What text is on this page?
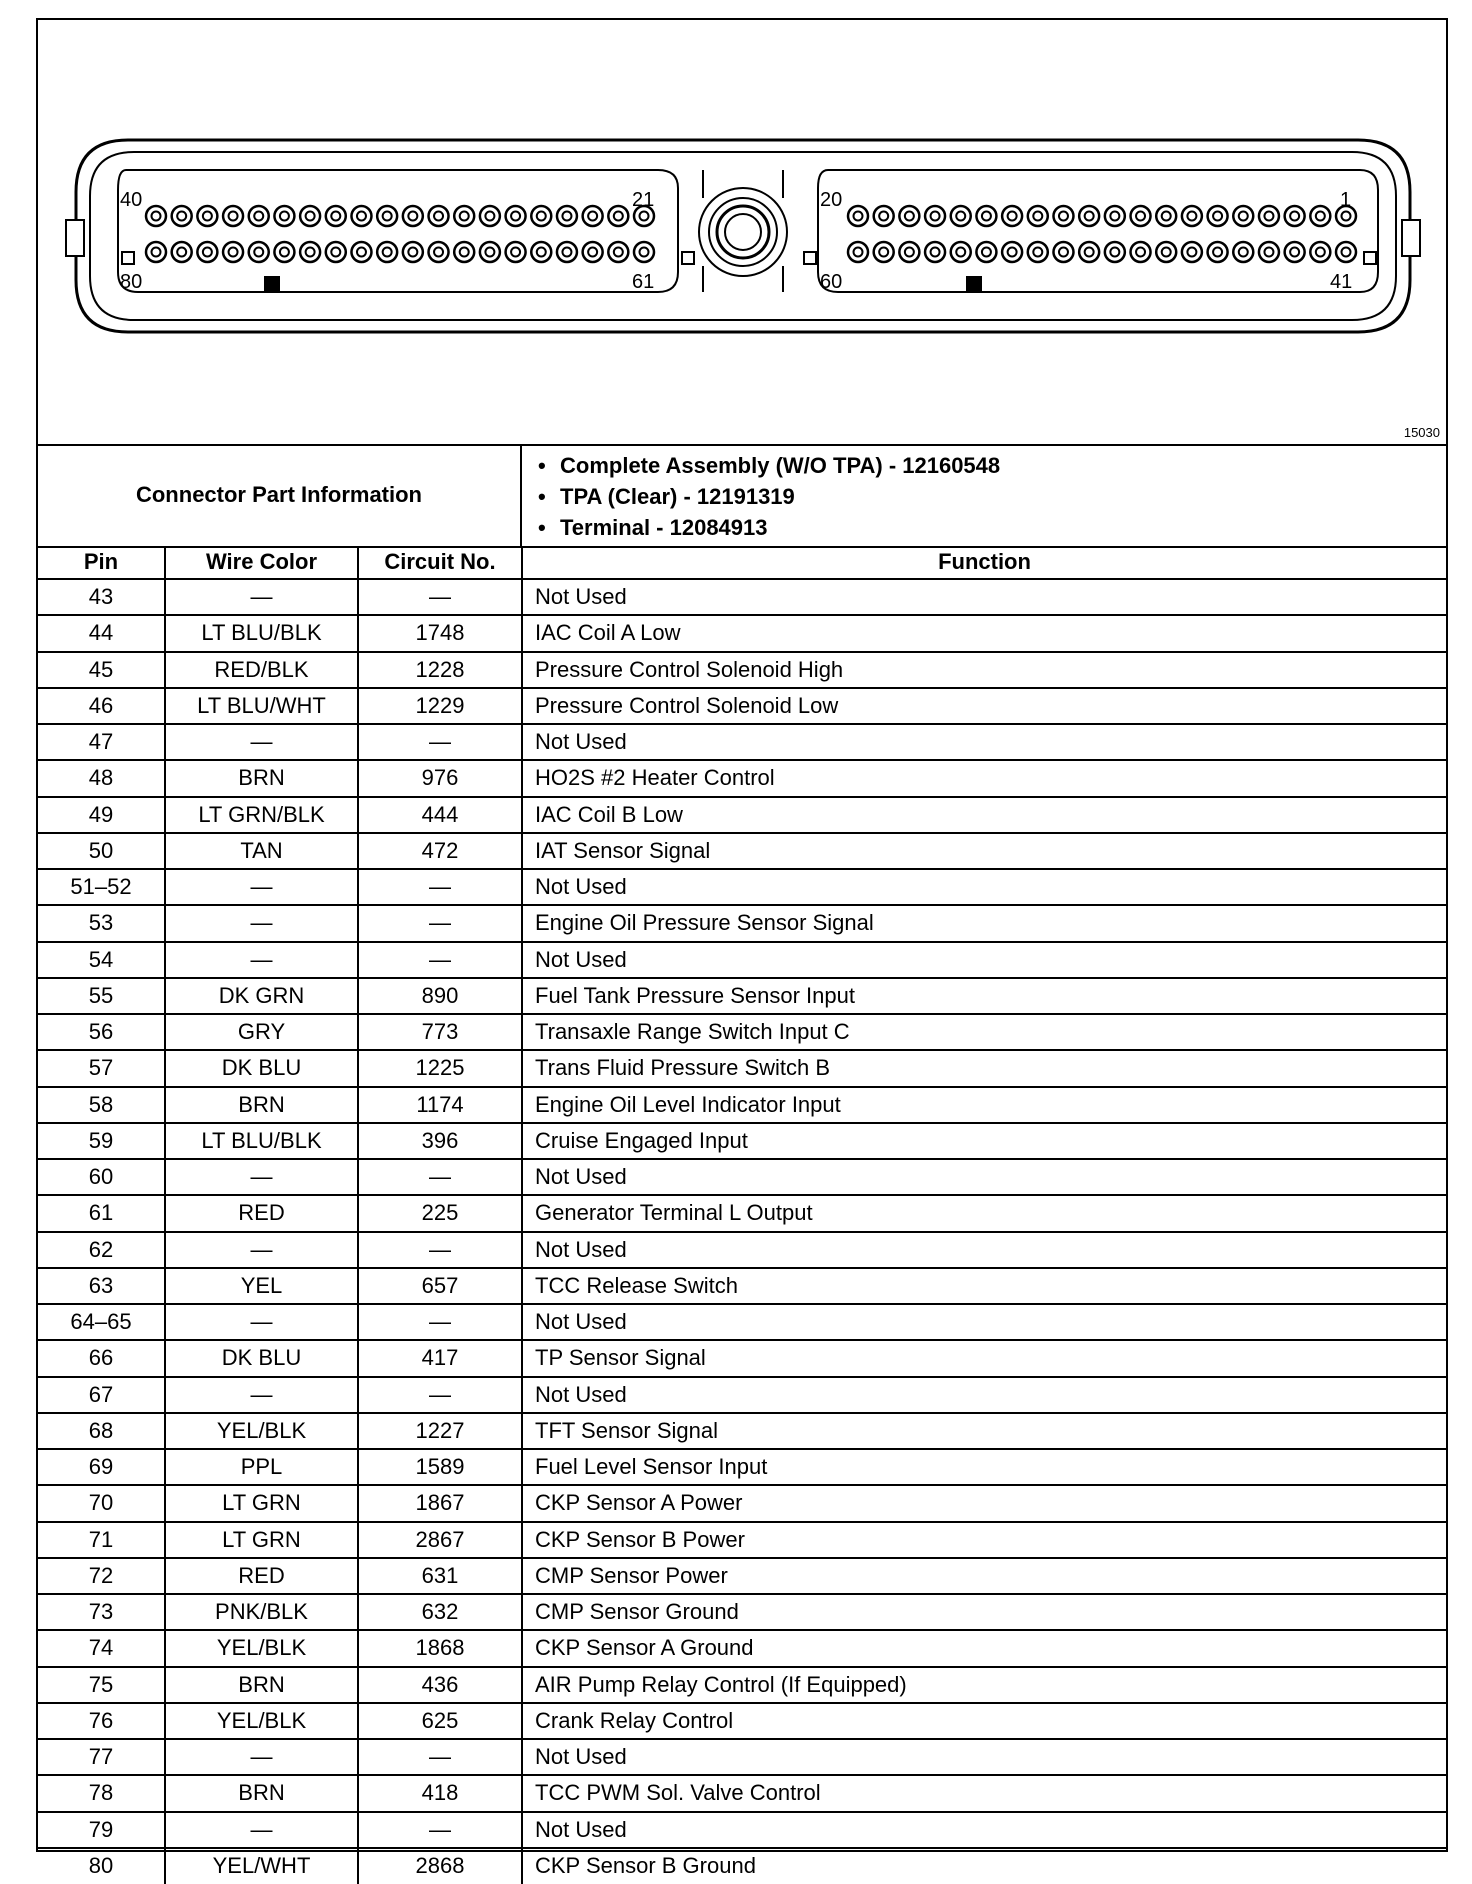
40	21
80	61
20	1
60	41
15030
Connector Part Information
• Complete Assembly (W/O TPA) - 12160548
• TPA (Clear) - 12191319
• Terminal - 12084913
Pin	Wire Color	Circuit No.	Function
43	—	—	Not Used
44	LT BLU/BLK	1748	IAC Coil A Low
45	RED/BLK	1228	Pressure Control Solenoid High
46	LT BLU/WHT	1229	Pressure Control Solenoid Low
47	—	—	Not Used
48	BRN	976	HO2S #2 Heater Control
49	LT GRN/BLK	444	IAC Coil B Low
50	TAN	472	IAT Sensor Signal
51–52	—	—	Not Used
53	—	—	Engine Oil Pressure Sensor Signal
54	—	—	Not Used
55	DK GRN	890	Fuel Tank Pressure Sensor Input
56	GRY	773	Transaxle Range Switch Input C
57	DK BLU	1225	Trans Fluid Pressure Switch B
58	BRN	1174	Engine Oil Level Indicator Input
59	LT BLU/BLK	396	Cruise Engaged Input
60	—	—	Not Used
61	RED	225	Generator Terminal L Output
62	—	—	Not Used
63	YEL	657	TCC Release Switch
64–65	—	—	Not Used
66	DK BLU	417	TP Sensor Signal
67	—	—	Not Used
68	YEL/BLK	1227	TFT Sensor Signal
69	PPL	1589	Fuel Level Sensor Input
70	LT GRN	1867	CKP Sensor A Power
71	LT GRN	2867	CKP Sensor B Power
72	RED	631	CMP Sensor Power
73	PNK/BLK	632	CMP Sensor Ground
74	YEL/BLK	1868	CKP Sensor A Ground
75	BRN	436	AIR Pump Relay Control (If Equipped)
76	YEL/BLK	625	Crank Relay Control
77	—	—	Not Used
78	BRN	418	TCC PWM Sol. Valve Control
79	—	—	Not Used
80	YEL/WHT	2868	CKP Sensor B Ground
